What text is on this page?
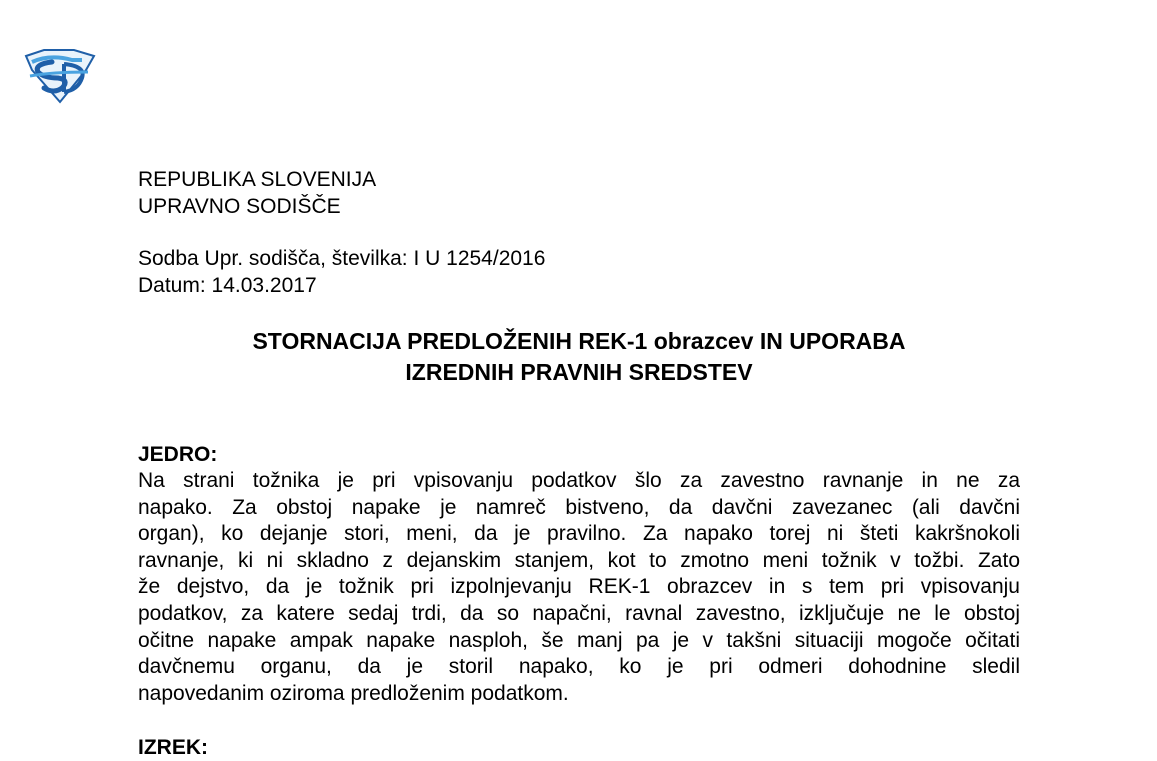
REPUBLIKA SLOVENIJA
UPRAVNO SODIŠČE
Sodba Upr. sodišča, številka: I U 1254/2016
Datum: 14.03.2017
STORNACIJA PREDLOŽENIH REK-1 obrazcev IN UPORABA
IZREDNIH PRAVNIH SREDSTEV
JEDRO:
Na strani tožnika je pri vpisovanju podatkov šlo za zavestno ravnanje in ne za
napako. Za obstoj napake je namreč bistveno, da davčni zavezanec (ali davčni
organ), ko dejanje stori, meni, da je pravilno. Za napako torej ni šteti kakršnokoli
ravnanje, ki ni skladno z dejanskim stanjem, kot to zmotno meni tožnik v tožbi. Zato
že dejstvo, da je tožnik pri izpolnjevanju REK-1 obrazcev in s tem pri vpisovanju
podatkov, za katere sedaj trdi, da so napačni, ravnal zavestno, izključuje ne le obstoj
očitne napake ampak napake nasploh, še manj pa je v takšni situaciji mogoče očitati
davčnemu organu, da je storil napako, ko je pri odmeri dohodnine sledil
napovedanim oziroma predloženim podatkom.
IZREK:
